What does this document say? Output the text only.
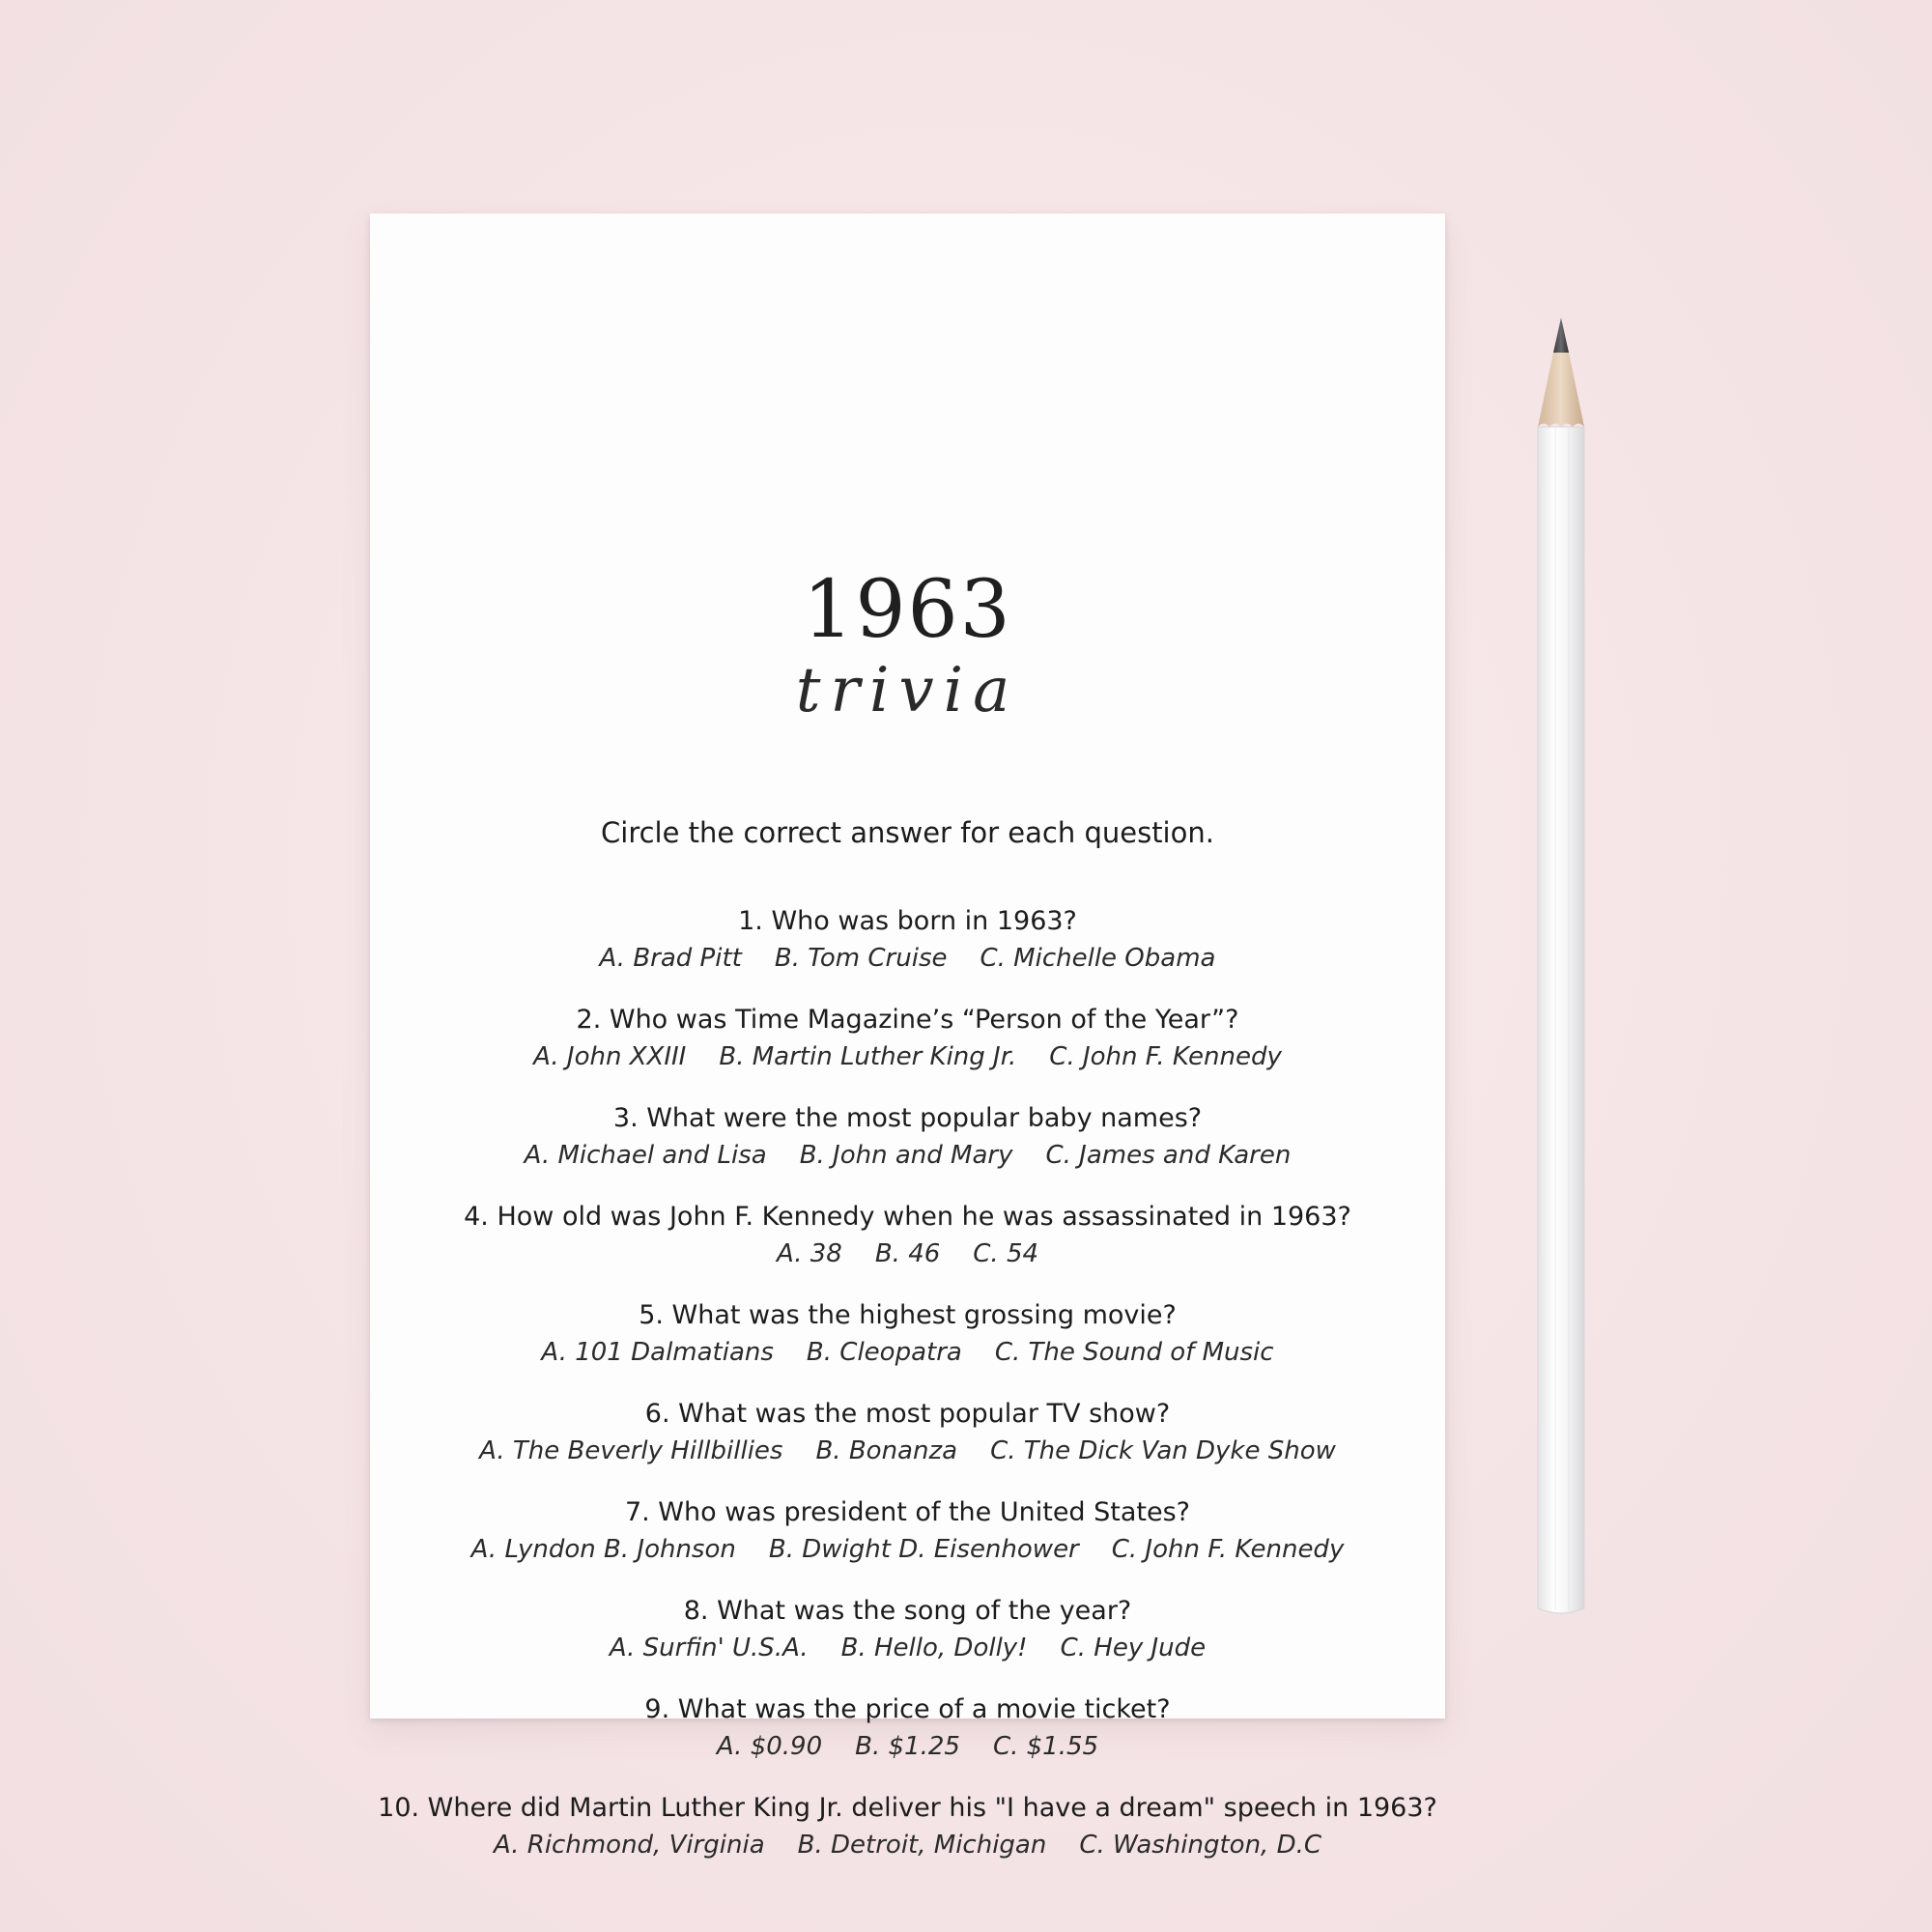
1963
trivia
Circle the correct answer for each question.
1. Who was born in 1963?
A. Brad Pitt B. Tom Cruise C. Michelle Obama
2. Who was Time Magazine’s “Person of the Year”?
A. John XXIII B. Martin Luther King Jr. C. John F. Kennedy
3. What were the most popular baby names?
A. Michael and Lisa B. John and Mary C. James and Karen
4. How old was John F. Kennedy when he was assassinated in 1963?
A. 38 B. 46 C. 54
5. What was the highest grossing movie?
A. 101 Dalmatians B. Cleopatra C. The Sound of Music
6. What was the most popular TV show?
A. The Beverly Hillbillies B. Bonanza C. The Dick Van Dyke Show
7. Who was president of the United States?
A. Lyndon B. Johnson B. Dwight D. Eisenhower C. John F. Kennedy
8. What was the song of the year?
A. Surfin' U.S.A. B. Hello, Dolly! C. Hey Jude
9. What was the price of a movie ticket?
A. $0.90 B. $1.25 C. $1.55
10. Where did Martin Luther King Jr. deliver his "I have a dream" speech in 1963?
A. Richmond, Virginia B. Detroit, Michigan C. Washington, D.C
